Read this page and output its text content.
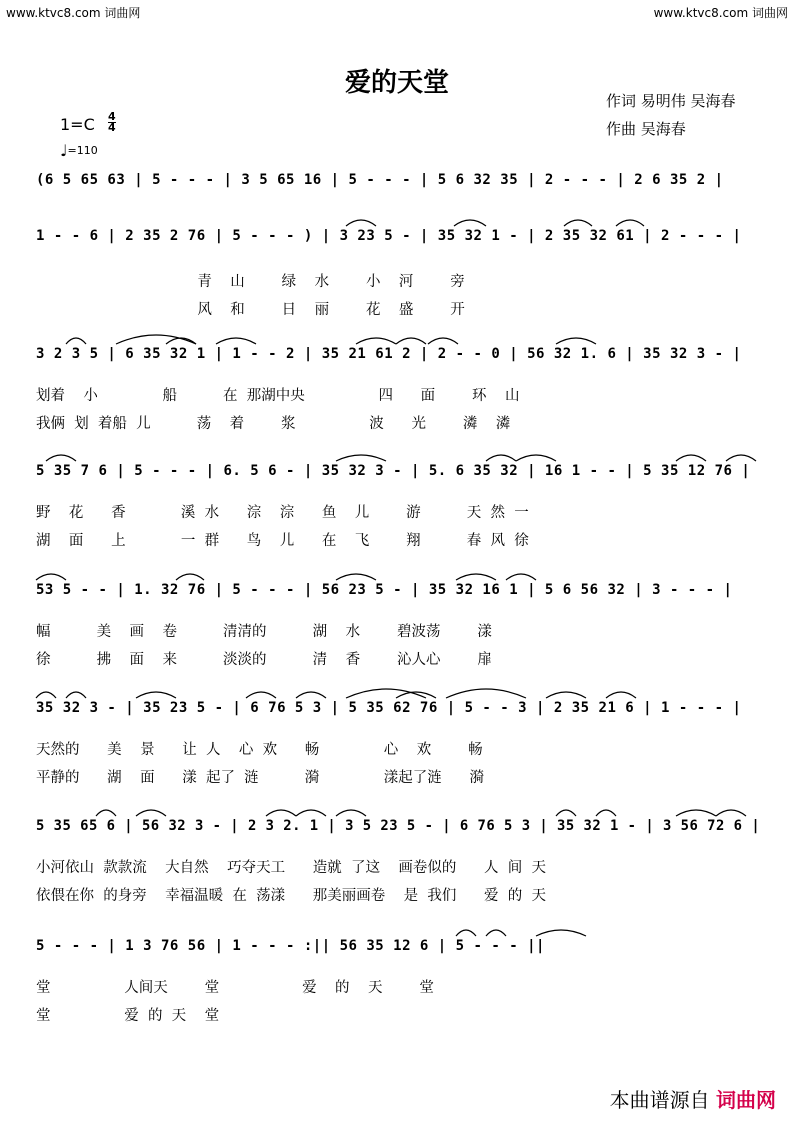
www.ktvc8.com 词曲网	www.ktvc8.com 词曲网
爱的天堂
作词 易明伟 吴海春
作曲 吴海春
$1=C \frac{4}{4}$
♩=110
(6 5 65 63 | 5 - - - | 3 5 65 16 | 5 - - - | 5 6 32 35 | 2 - - - | 2 6 35 2 |
1 - - 6 | 2 35 2 76 | 5 - - - ) | 3 23 5 - | 35 32 1 - | 2 35 32 61 | 2 - - - |
青    山        绿    水        小    河        旁
风    和        日    丽        花    盛        开
3 2 3 5 | 6 35 32 1 | 1 - - 2 | 35 21 61 2 | 2 - - 0 | 56 32 1. 6 | 35 32 3 - |
划着    小              船          在  那湖中央                四      面        环    山
我俩  划  着船  儿          荡    着        浆                波      光        潾    潾
5 35 7 6 | 5 - - - | 6. 5 6 - | 35 32 3 - | 5. 6 35 32 | 16 1 - - | 5 35 12 76 |
野    花      香            溪  水      淙    淙      鱼    儿        游          天  然  一
湖    面      上            一  群      鸟    儿      在    飞        翔          春  风  徐
53 5 - - | 1. 32 76 | 5 - - - | 56 23 5 - | 35 32 16 1 | 5 6 56 32 | 3 - - - |
幅          美    画    卷          清清的          湖    水        碧波荡        漾
徐          拂    面    来          淡淡的          清    香        沁人心        扉
35 32 3 - | 35 23 5 - | 6 76 5 3 | 5 35 62 76 | 5 - - 3 | 2 35 21 6 | 1 - - - |
天然的      美    景      让  人    心  欢      畅              心    欢        畅
平静的      湖    面      漾  起了  涟          漪              漾起了涟      漪
5 35 65 6 | 56 32 3 - | 2 3 2. 1 | 3 5 23 5 - | 6 76 5 3 | 35 32 1 - | 3 56 72 6 |
小河依山  款款流    大自然    巧夺天工      造就  了这    画卷似的      人  间  天
依偎在你  的身旁    幸福温暖  在  荡漾      那美丽画卷    是  我们      爱  的  天
5 - - - | 1 3 76 56 | 1 - - - :|| 56 35 12 6 | 5 - - - ||
堂                人间天        堂                  爱    的    天        堂
堂                爱  的  天    堂
本曲谱源自 词曲网
